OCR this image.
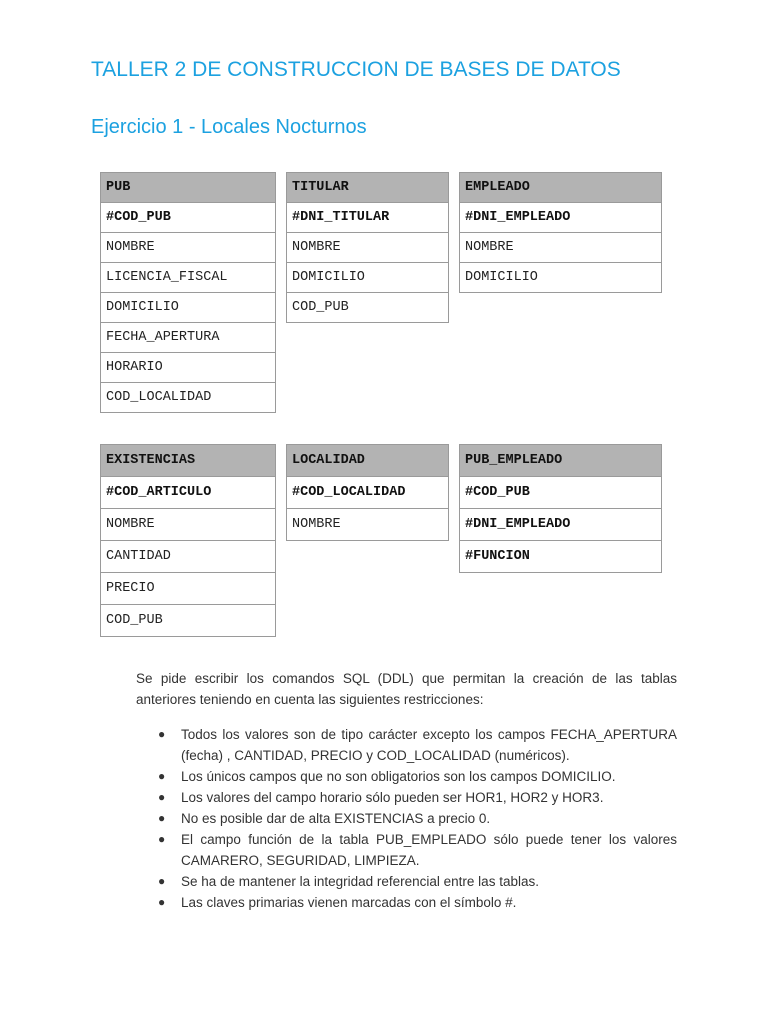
TALLER 2 DE CONSTRUCCION DE BASES DE DATOS
Ejercicio 1 - Locales Nocturnos
PUB
#COD_PUB
NOMBRE
LICENCIA_FISCAL
DOMICILIO
FECHA_APERTURA
HORARIO
COD_LOCALIDAD
TITULAR
#DNI_TITULAR
NOMBRE
DOMICILIO
COD_PUB
EMPLEADO
#DNI_EMPLEADO
NOMBRE
DOMICILIO
EXISTENCIAS
#COD_ARTICULO
NOMBRE
CANTIDAD
PRECIO
COD_PUB
LOCALIDAD
#COD_LOCALIDAD
NOMBRE
PUB_EMPLEADO
#COD_PUB
#DNI_EMPLEADO
#FUNCION
Se pide escribir los comandos SQL (DDL) que permitan la creación de las tablas anteriores teniendo en cuenta las siguientes restricciones:
● Todos los valores son de tipo carácter excepto los campos FECHA_APERTURA (fecha) , CANTIDAD, PRECIO y COD_LOCALIDAD (numéricos).
● Los únicos campos que no son obligatorios son los campos DOMICILIO.
● Los valores del campo horario sólo pueden ser HOR1, HOR2 y HOR3.
● No es posible dar de alta EXISTENCIAS a precio 0.
● El campo función de la tabla PUB_EMPLEADO sólo puede tener los valores CAMARERO, SEGURIDAD, LIMPIEZA.
● Se ha de mantener la integridad referencial entre las tablas.
● Las claves primarias vienen marcadas con el símbolo #.
